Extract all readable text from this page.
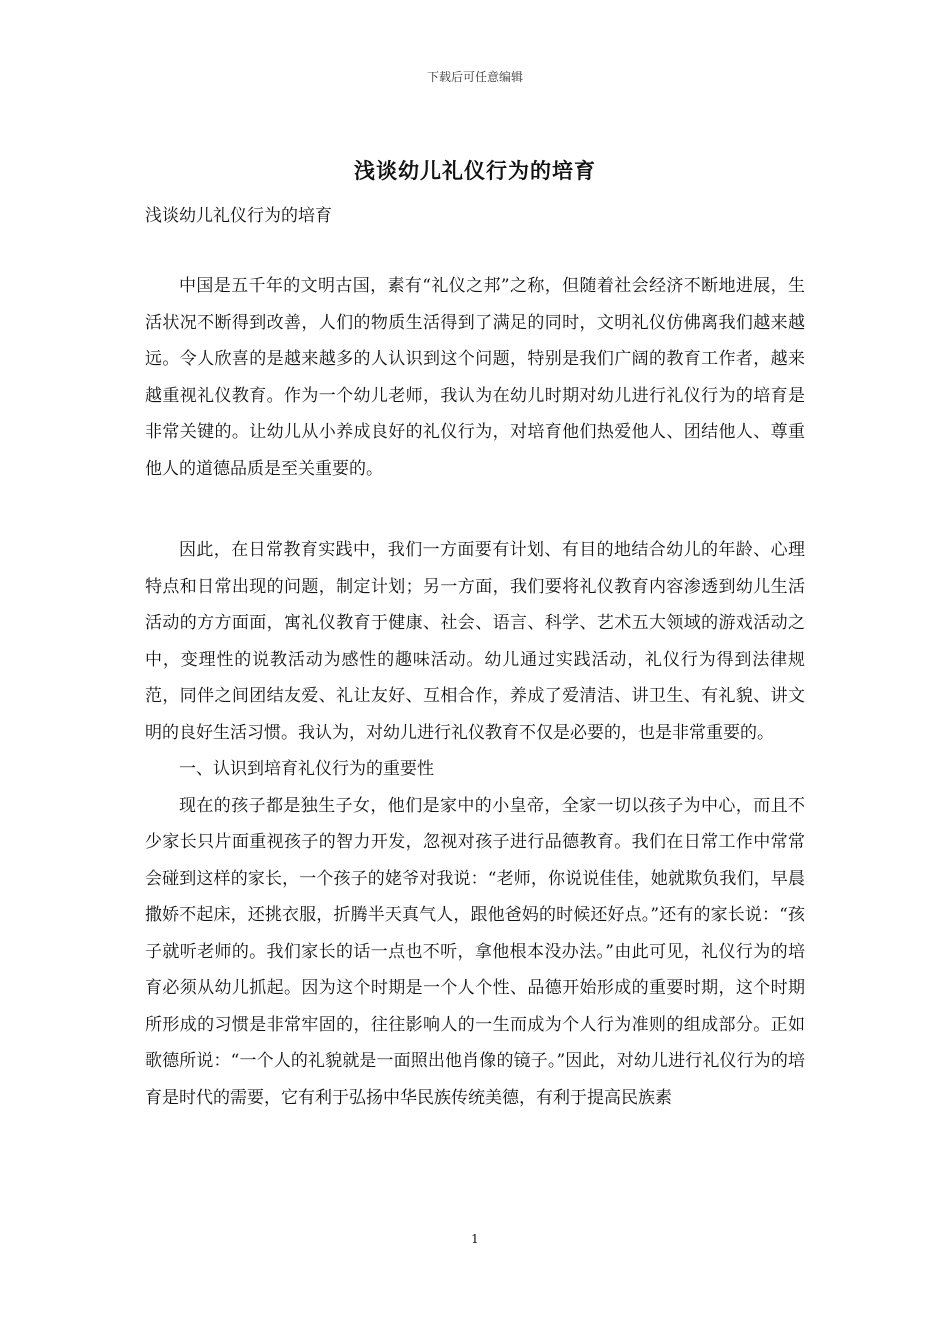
下载后可任意编辑
浅谈幼儿礼仪行为的培育
浅谈幼儿礼仪行为的培育

中国是五千年的文明古国，素有“礼仪之邦”之称，但随着社会经济不断地进展，生活状况不断得到改善，人们的物质生活得到了满足的同时，文明礼仪仿佛离我们越来越远。令人欣喜的是越来越多的人认识到这个问题，特别是我们广阔的教育工作者，越来越重视礼仪教育。作为一个幼儿老师，我认为在幼儿时期对幼儿进行礼仪行为的培育是非常关键的。让幼儿从小养成良好的礼仪行为，对培育他们热爱他人、团结他人、尊重他人的道德品质是至关重要的。

因此，在日常教育实践中，我们一方面要有计划、有目的地结合幼儿的年龄、心理特点和日常出现的问题，制定计划；另一方面，我们要将礼仪教育内容渗透到幼儿生活活动的方方面面，寓礼仪教育于健康、社会、语言、科学、艺术五大领域的游戏活动之中，变理性的说教活动为感性的趣味活动。幼儿通过实践活动，礼仪行为得到法律规范，同伴之间团结友爱、礼让友好、互相合作，养成了爱清洁、讲卫生、有礼貌、讲文明的良好生活习惯。我认为，对幼儿进行礼仪教育不仅是必要的，也是非常重要的。

一、认识到培育礼仪行为的重要性

现在的孩子都是独生子女，他们是家中的小皇帝，全家一切以孩子为中心，而且不少家长只片面重视孩子的智力开发，忽视对孩子进行品德教育。我们在日常工作中常常会碰到这样的家长，一个孩子的姥爷对我说：“老师，你说说佳佳，她就欺负我们，早晨撒娇不起床，还挑衣服，折腾半天真气人，跟他爸妈的时候还好点。”还有的家长说：“孩子就听老师的。我们家长的话一点也不听，拿他根本没办法。”由此可见，礼仪行为的培育必须从幼儿抓起。因为这个时期是一个人个性、品德开始形成的重要时期，这个时期所形成的习惯是非常牢固的，往往影响人的一生而成为个人行为准则的组成部分。正如歌德所说：“一个人的礼貌就是一面照出他肖像的镜子。”因此，对幼儿进行礼仪行为的培育是时代的需要，它有利于弘扬中华民族传统美德，有利于提高民族素

1
